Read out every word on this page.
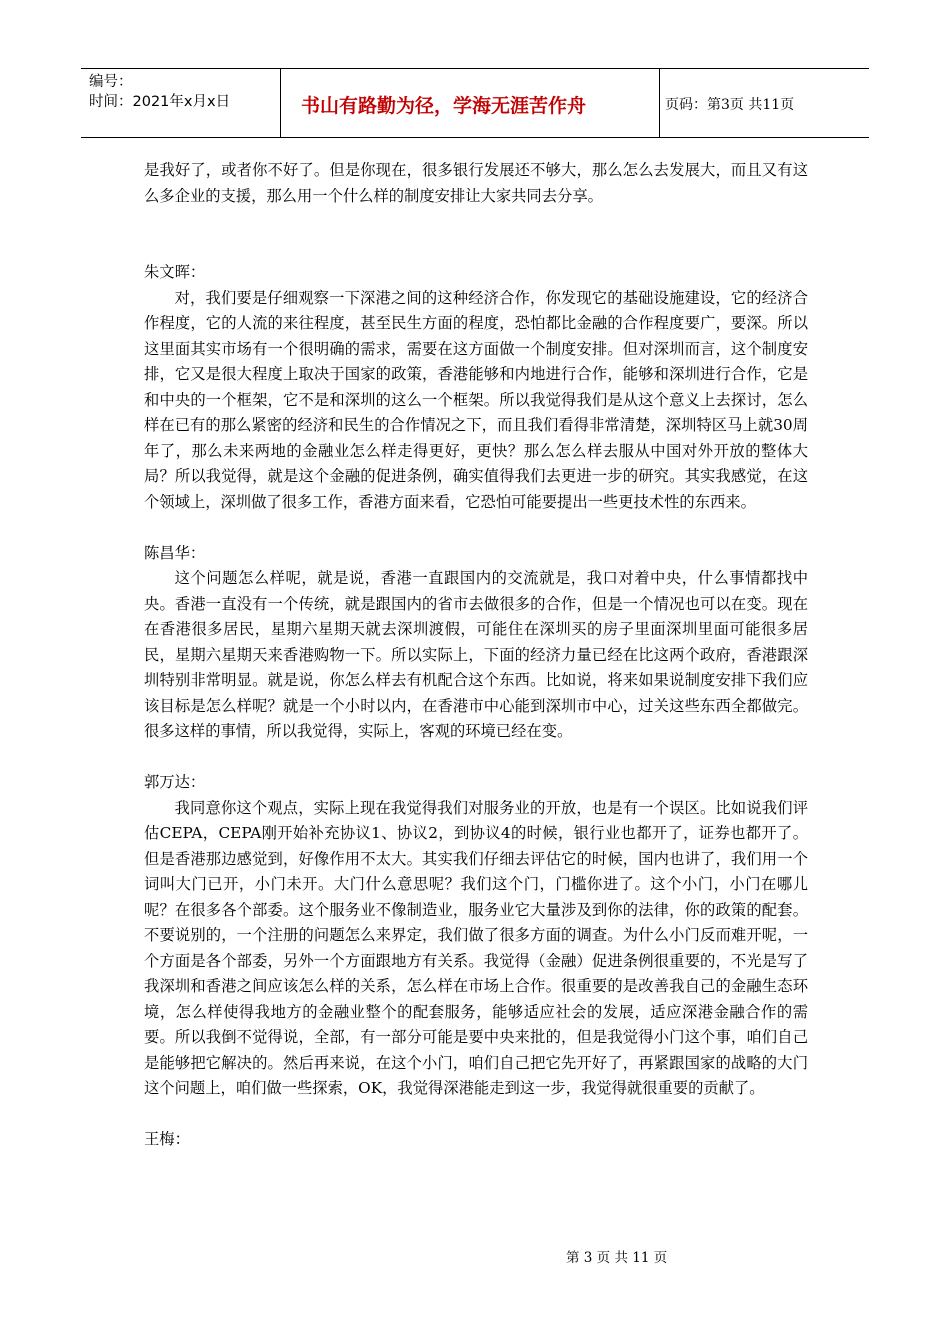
编号：
时间：2021年x月x日	书山有路勤为径，学海无涯苦作舟	页码：第3页 共11页

是我好了，或者你不好了。但是你现在，很多银行发展还不够大，那么怎么去发展大，而且又有这么多企业的支援，那么用一个什么样的制度安排让大家共同去分享。

朱文晖：

对，我们要是仔细观察一下深港之间的这种经济合作，你发现它的基础设施建设，它的经济合作程度，它的人流的来往程度，甚至民生方面的程度，恐怕都比金融的合作程度要广，要深。所以这里面其实市场有一个很明确的需求，需要在这方面做一个制度安排。但对深圳而言，这个制度安排，它又是很大程度上取决于国家的政策，香港能够和内地进行合作，能够和深圳进行合作，它是和中央的一个框架，它不是和深圳的这么一个框架。所以我觉得我们是从这个意义上去探讨，怎么样在已有的那么紧密的经济和民生的合作情况之下，而且我们看得非常清楚，深圳特区马上就30周年了，那么未来两地的金融业怎么样走得更好，更快？那么怎么样去服从中国对外开放的整体大局？所以我觉得，就是这个金融的促进条例，确实值得我们去更进一步的研究。其实我感觉，在这个领域上，深圳做了很多工作，香港方面来看，它恐怕可能要提出一些更技术性的东西来。

陈昌华：

这个问题怎么样呢，就是说，香港一直跟国内的交流就是，我口对着中央，什么事情都找中央。香港一直没有一个传统，就是跟国内的省市去做很多的合作，但是一个情况也可以在变。现在在香港很多居民，星期六星期天就去深圳渡假，可能住在深圳买的房子里面深圳里面可能很多居民，星期六星期天来香港购物一下。所以实际上，下面的经济力量已经在比这两个政府，香港跟深圳特别非常明显。就是说，你怎么样去有机配合这个东西。比如说，将来如果说制度安排下我们应该目标是怎么样呢？就是一个小时以内，在香港市中心能到深圳市中心，过关这些东西全都做完。很多这样的事情，所以我觉得，实际上，客观的环境已经在变。

郭万达：

我同意你这个观点，实际上现在我觉得我们对服务业的开放，也是有一个误区。比如说我们评估CEPA，CEPA刚开始补充协议1、协议2，到协议4的时候，银行业也都开了，证券也都开了。但是香港那边感觉到，好像作用不太大。其实我们仔细去评估它的时候，国内也讲了，我们用一个词叫大门已开，小门未开。大门什么意思呢？我们这个门，门槛你进了。这个小门，小门在哪儿呢？在很多各个部委。这个服务业不像制造业，服务业它大量涉及到你的法律，你的政策的配套。不要说别的，一个注册的问题怎么来界定，我们做了很多方面的调查。为什么小门反而难开呢，一个方面是各个部委，另外一个方面跟地方有关系。我觉得（金融）促进条例很重要的，不光是写了我深圳和香港之间应该怎么样的关系，怎么样在市场上合作。很重要的是改善我自己的金融生态环境，怎么样使得我地方的金融业整个的配套服务，能够适应社会的发展，适应深港金融合作的需要。所以我倒不觉得说，全部，有一部分可能是要中央来批的，但是我觉得小门这个事，咱们自己是能够把它解决的。然后再来说，在这个小门，咱们自己把它先开好了，再紧跟国家的战略的大门这个问题上，咱们做一些探索，OK，我觉得深港能走到这一步，我觉得就很重要的贡献了。

王梅：

第 3 页 共 11 页
